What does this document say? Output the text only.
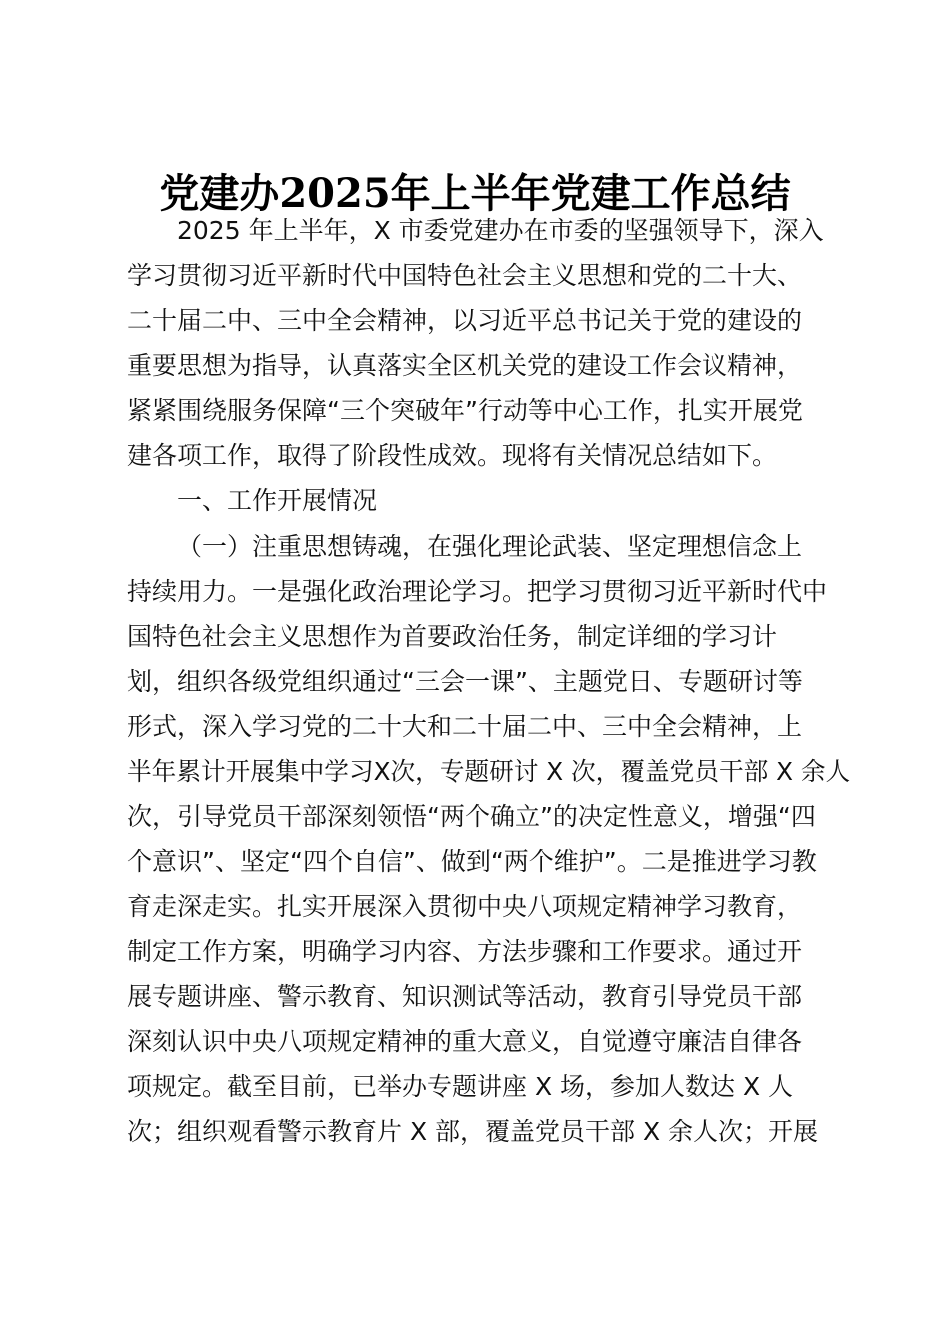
党建办2025年上半年党建工作总结
2025 年上半年，X 市委党建办在市委的坚强领导下，深入
学习贯彻习近平新时代中国特色社会主义思想和党的二十大、
二十届二中、三中全会精神，以习近平总书记关于党的建设的
重要思想为指导，认真落实全区机关党的建设工作会议精神，
紧紧围绕服务保障“三个突破年”行动等中心工作，扎实开展党
建各项工作，取得了阶段性成效。现将有关情况总结如下。
一、工作开展情况
（一）注重思想铸魂，在强化理论武装、坚定理想信念上
持续用力。一是强化政治理论学习。把学习贯彻习近平新时代中
国特色社会主义思想作为首要政治任务，制定详细的学习计
划，组织各级党组织通过“三会一课”、主题党日、专题研讨等
形式，深入学习党的二十大和二十届二中、三中全会精神，上
半年累计开展集中学习X次，专题研讨 X 次，覆盖党员干部 X 余人
次，引导党员干部深刻领悟“两个确立”的决定性意义，增强“四
个意识”、坚定“四个自信”、做到“两个维护”。二是推进学习教
育走深走实。扎实开展深入贯彻中央八项规定精神学习教育，
制定工作方案，明确学习内容、方法步骤和工作要求。通过开
展专题讲座、警示教育、知识测试等活动，教育引导党员干部
深刻认识中央八项规定精神的重大意义，自觉遵守廉洁自律各
项规定。截至目前，已举办专题讲座 X 场，参加人数达 X 人
次；组织观看警示教育片 X 部，覆盖党员干部 X 余人次；开展
